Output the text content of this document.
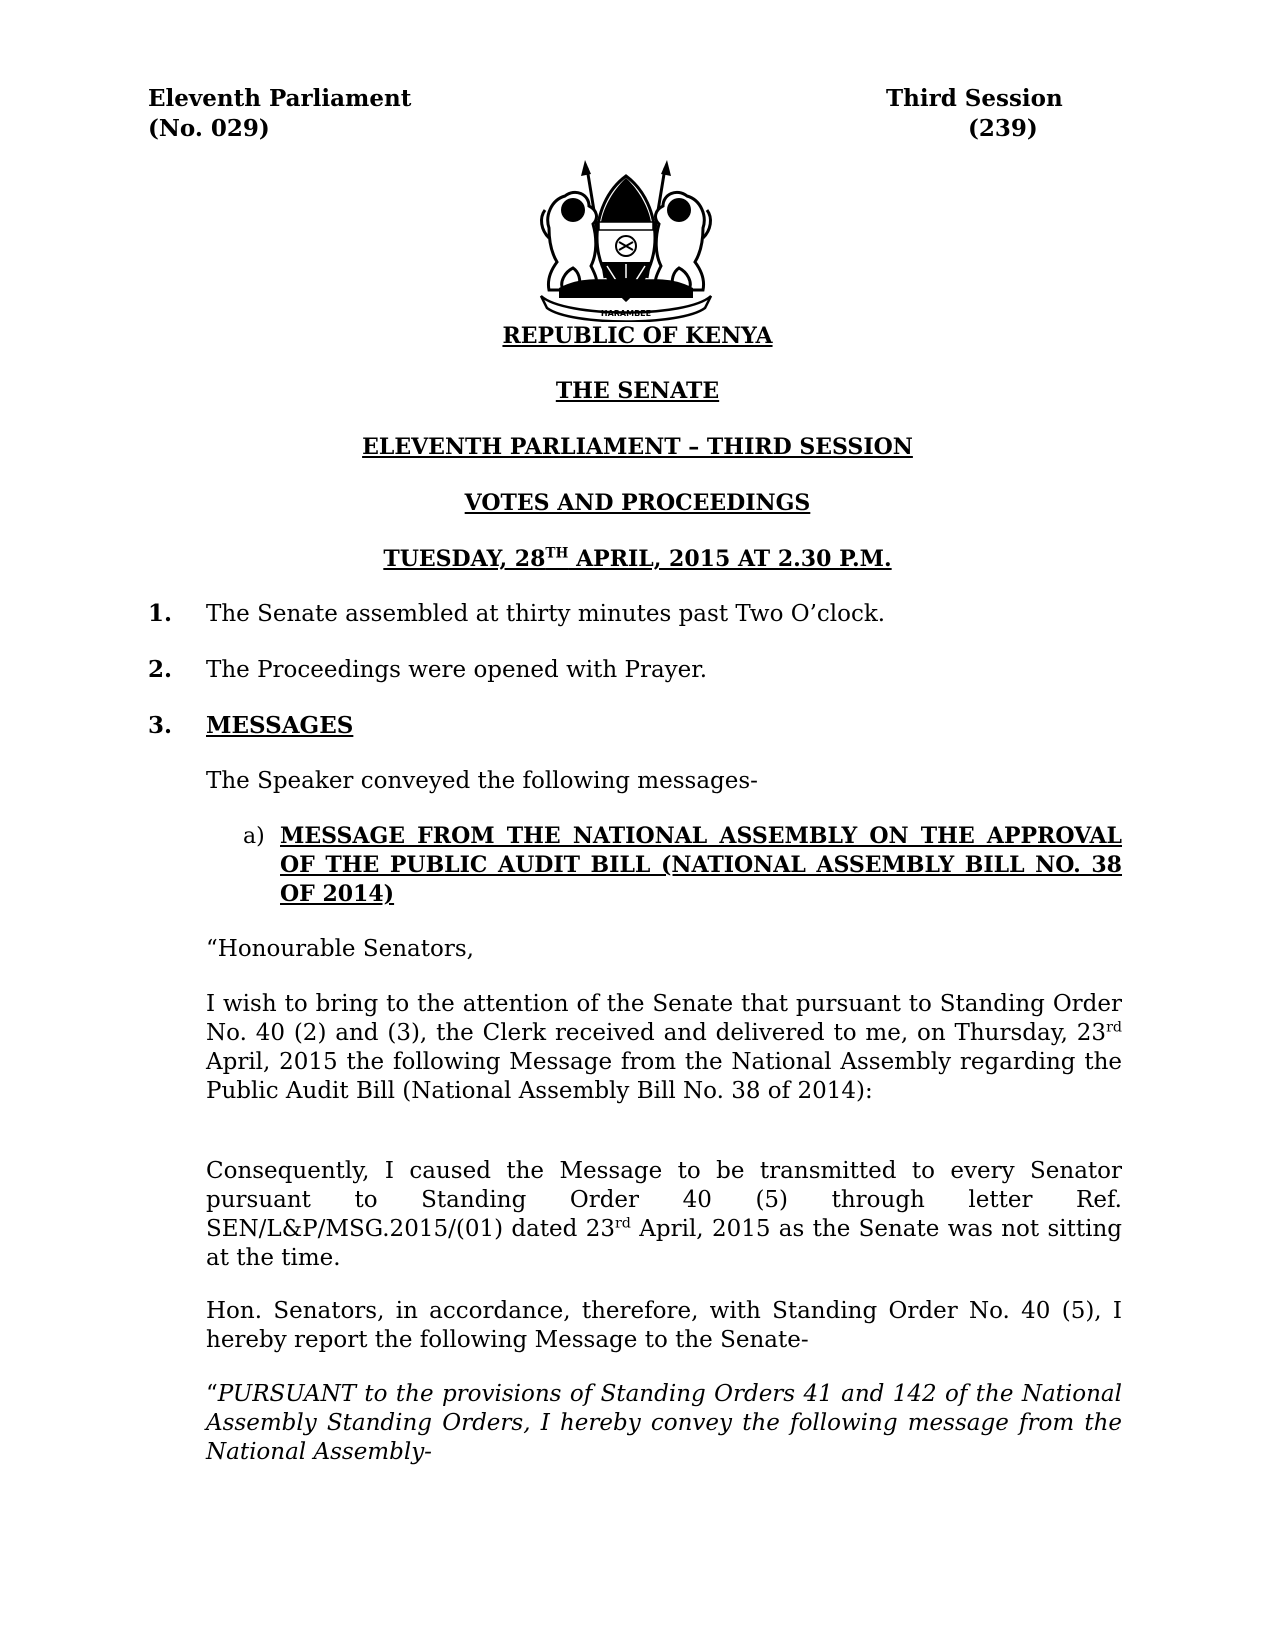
Eleventh Parliament
(No. 029)
Third Session
(239)
HARAMBEE
REPUBLIC OF KENYA
THE SENATE
ELEVENTH PARLIAMENT – THIRD SESSION
VOTES AND PROCEEDINGS
TUESDAY, 28TH APRIL, 2015 AT 2.30 P.M.
1. The Senate assembled at thirty minutes past Two O’clock.
2. The Proceedings were opened with Prayer.
3. MESSAGES
The Speaker conveyed the following messages-
a) MESSAGE FROM THE NATIONAL ASSEMBLY ON THE APPROVAL OF THE PUBLIC AUDIT BILL (NATIONAL ASSEMBLY BILL NO. 38 OF 2014)
“Honourable Senators,
I wish to bring to the attention of the Senate that pursuant to Standing Order No. 40 (2) and (3), the Clerk received and delivered to me, on Thursday, 23rd April, 2015 the following Message from the National Assembly regarding the Public Audit Bill (National Assembly Bill No. 38 of 2014):
Consequently, I caused the Message to be transmitted to every Senator pursuant to Standing Order 40 (5) through letter Ref. SEN/L&P/MSG.2015/(01) dated 23rd April, 2015 as the Senate was not sitting at the time.
Hon. Senators, in accordance, therefore, with Standing Order No. 40 (5), I hereby report the following Message to the Senate-
“PURSUANT to the provisions of Standing Orders 41 and 142 of the National Assembly Standing Orders, I hereby convey the following message from the National Assembly-
